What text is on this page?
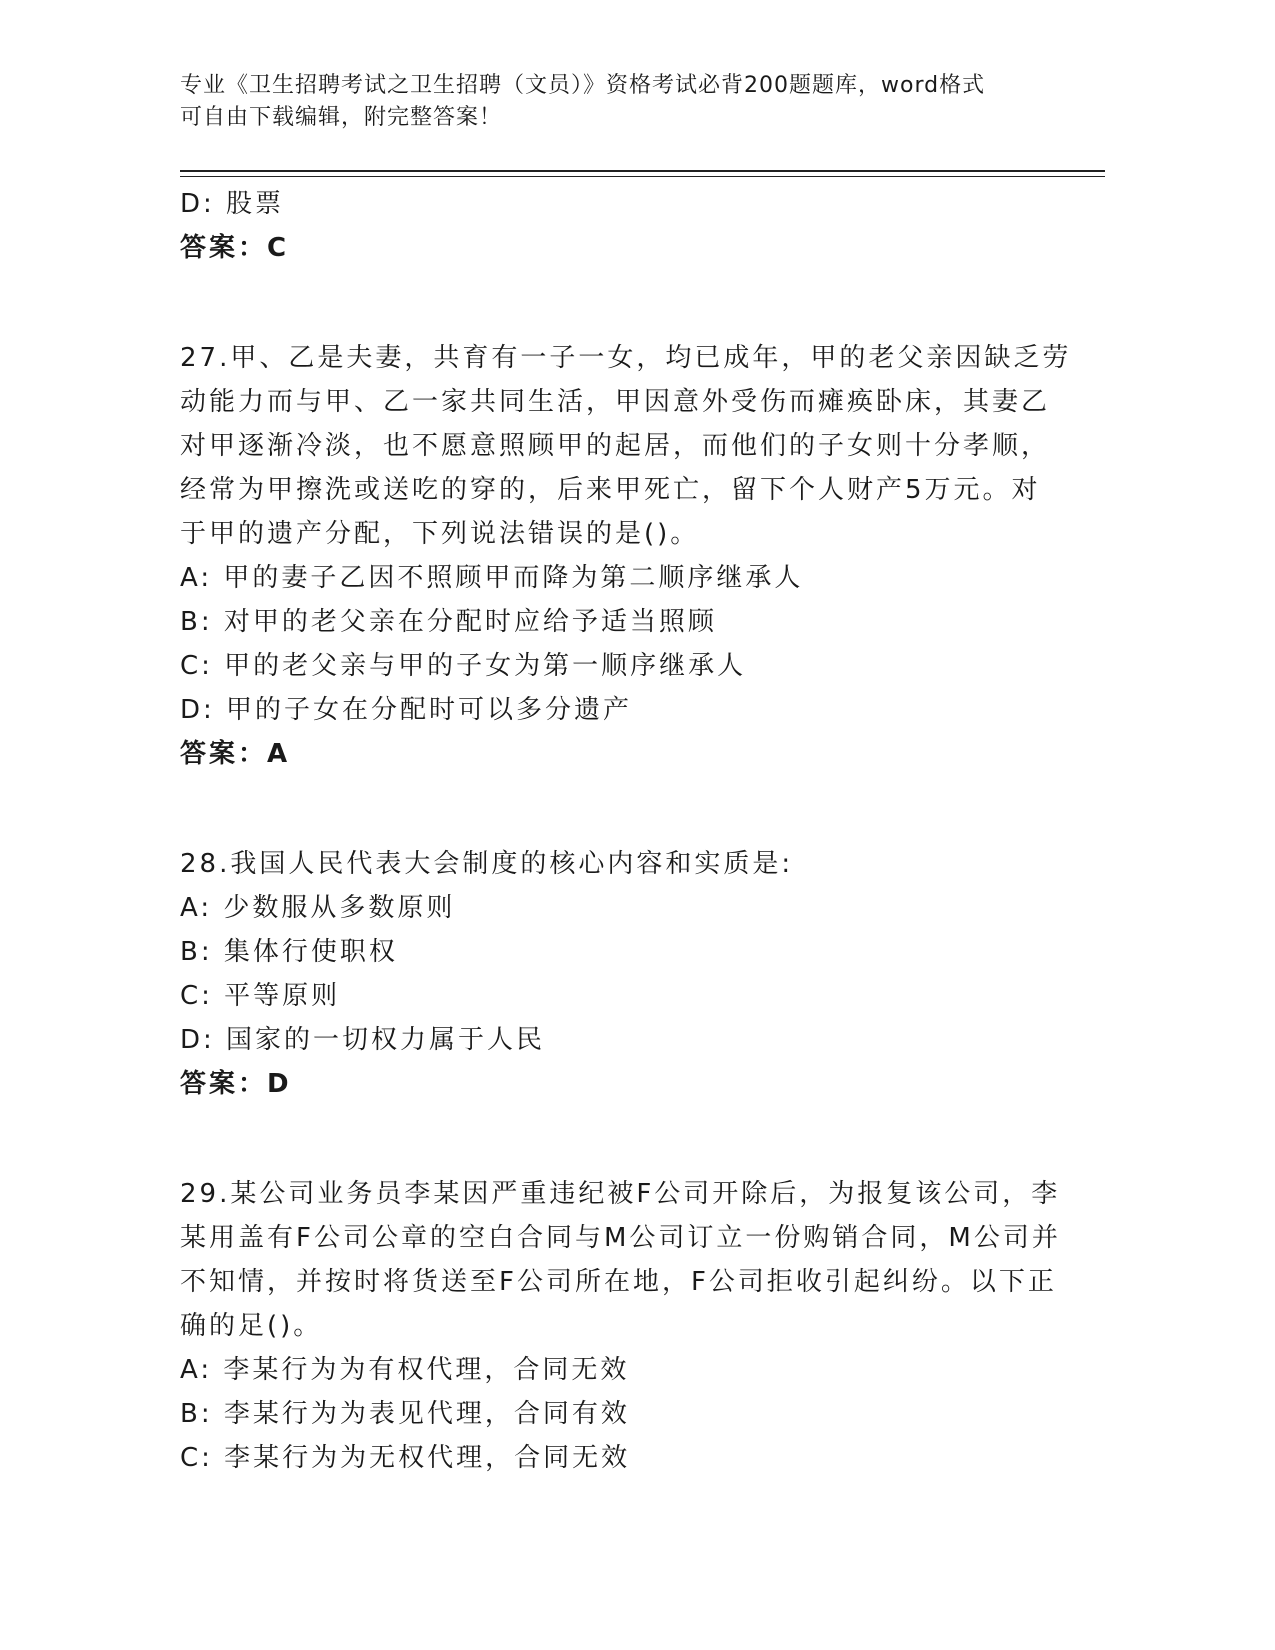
专业《卫生招聘考试之卫生招聘（文员）》资格考试必背200题题库，word格式
可自由下载编辑，附完整答案！
D: 股票
答案：C
27.甲、乙是夫妻，共育有一子一女，均已成年，甲的老父亲因缺乏劳
动能力而与甲、乙一家共同生活，甲因意外受伤而瘫痪卧床，其妻乙
对甲逐渐冷淡，也不愿意照顾甲的起居，而他们的子女则十分孝顺，
经常为甲擦洗或送吃的穿的，后来甲死亡，留下个人财产5万元。对
于甲的遗产分配，下列说法错误的是()。
A: 甲的妻子乙因不照顾甲而降为第二顺序继承人
B: 对甲的老父亲在分配时应给予适当照顾
C: 甲的老父亲与甲的子女为第一顺序继承人
D: 甲的子女在分配时可以多分遗产
答案：A
28.我国人民代表大会制度的核心内容和实质是:
A: 少数服从多数原则
B: 集体行使职权
C: 平等原则
D: 国家的一切权力属于人民
答案：D
29.某公司业务员李某因严重违纪被F公司开除后，为报复该公司，李
某用盖有F公司公章的空白合同与M公司订立一份购销合同，M公司并
不知情，并按时将货送至F公司所在地，F公司拒收引起纠纷。以下正
确的足()。
A: 李某行为为有权代理，合同无效
B: 李某行为为表见代理，合同有效
C: 李某行为为无权代理，合同无效
